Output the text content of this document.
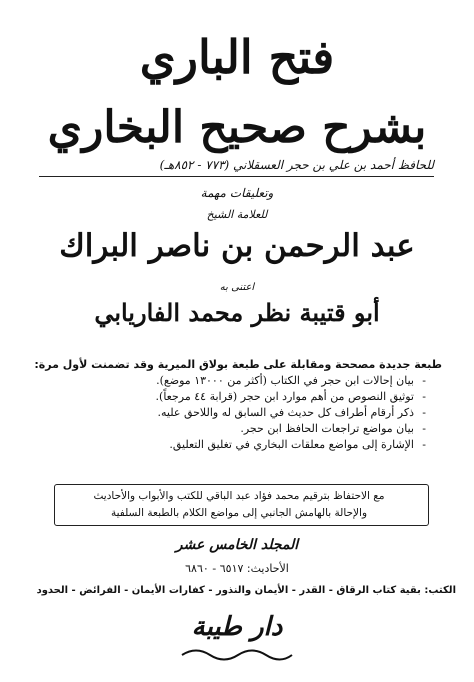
فتح الباري
بشرح صحيح البخاري
للحافظ أحمد بن علي بن حجر العسقلاني (٧٧٣ - ٨٥٢هـ)
وتعليقات مهمة
للعلامة الشيخ
عبد الرحمن بن ناصر البراك
اعتنى به
أبو قتيبة نظر محمد الفاريابي
طبعة جديدة مصححة ومقابلة على طبعة بولاق الميرية وقد تضمنت لأول مرة:
- بيان إحالات ابن حجر في الكتاب (أكثر من ١٣٠٠٠ موضع).
- توثيق النصوص من أهم موارد ابن حجر (قرابة ٤٤ مرجعاً).
- ذكر أرقام أطراف كل حديث في السابق له واللاحق عليه.
- بيان مواضع تراجعات الحافظ ابن حجر.
- الإشارة إلى مواضع معلقات البخاري في تغليق التعليق.
مع الاحتفاظ بترقيم محمد فؤاد عبد الباقي للكتب والأبواب والأحاديث
والإحالة بالهامش الجانبي إلى مواضع الكلام بالطبعة السلفية
المجلد الخامس عشر
الأحاديث: ٦٥١٧ - ٦٨٦٠
الكتب: بقية كتاب الرقاق - القدر - الأيمان والنذور - كفارات الأيمان - الفرائض - الحدود
دار طيبة
